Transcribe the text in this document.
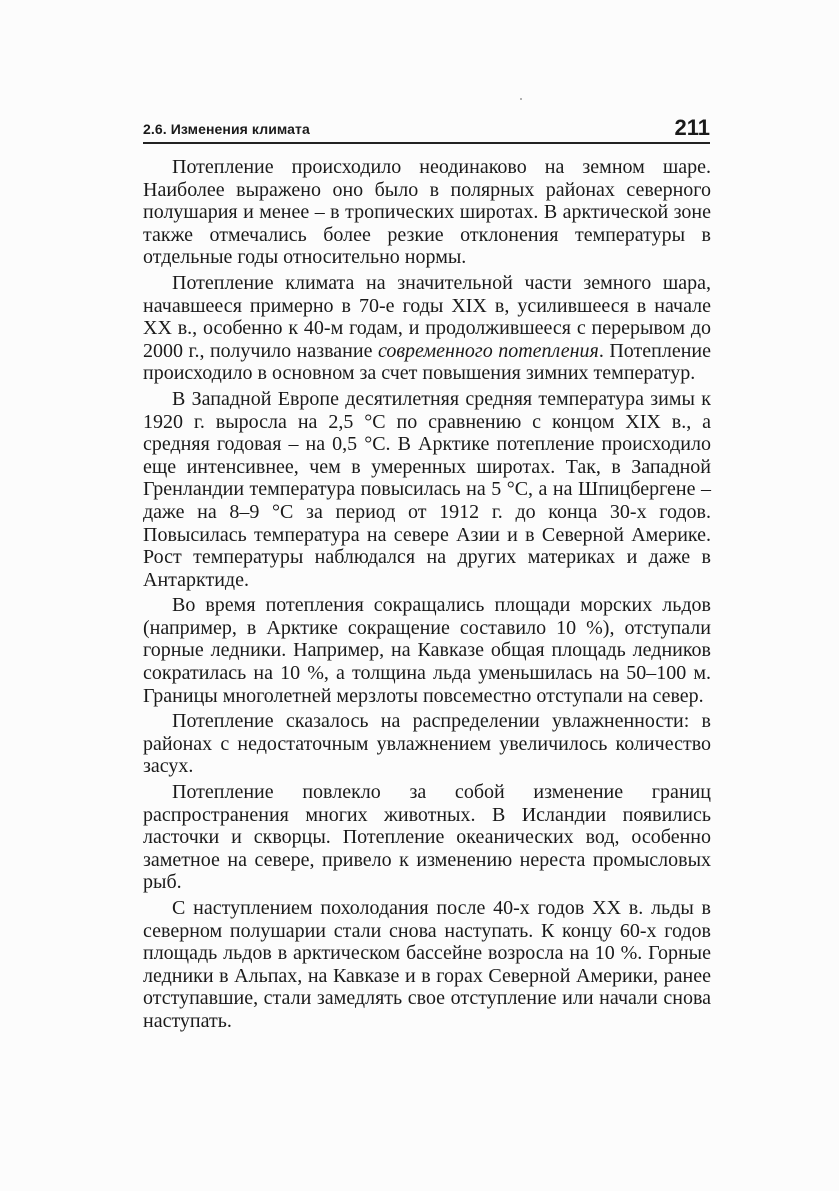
2.6. Изменения климата	211

Потепление происходило неодинаково на земном шаре. Наиболее выражено оно было в полярных районах северного полушария и менее – в тропических широтах. В арктической зоне также отмечались более резкие отклонения температуры в отдельные годы относительно нормы.

Потепление климата на значительной части земного шара, начавшееся примерно в 70-е годы XIX в, усилившееся в начале XX в., особенно к 40-м годам, и продолжившееся с перерывом до 2000 г., получило название современного потепления. Потепление происходило в основном за счет повышения зимних температур.

В Западной Европе десятилетняя средняя температура зимы к 1920 г. выросла на 2,5 °С по сравнению с концом XIX в., а средняя годовая – на 0,5 °С. В Арктике потепление происходило еще интенсивнее, чем в умеренных широтах. Так, в Западной Гренландии температура повысилась на 5 °С, а на Шпицбергене – даже на 8–9 °С за период от 1912 г. до конца 30-х годов. Повысилась температура на севере Азии и в Северной Америке. Рост температуры наблюдался на других материках и даже в Антарктиде.

Во время потепления сокращались площади морских льдов (например, в Арктике сокращение составило 10 %), отступали горные ледники. Например, на Кавказе общая площадь ледников сократилась на 10 %, а толщина льда уменьшилась на 50–100 м. Границы многолетней мерзлоты повсеместно отступали на север.

Потепление сказалось на распределении увлажненности: в районах с недостаточным увлажнением увеличилось количество засух.

Потепление повлекло за собой изменение границ распространения многих животных. В Исландии появились ласточки и скворцы. Потепление океанических вод, особенно заметное на севере, привело к изменению нереста промысловых рыб.

С наступлением похолодания после 40-х годов XX в. льды в северном полушарии стали снова наступать. К концу 60-х годов площадь льдов в арктическом бассейне возросла на 10 %. Горные ледники в Альпах, на Кавказе и в горах Северной Америки, ранее отступавшие, стали замедлять свое отступление или начали снова наступать.
